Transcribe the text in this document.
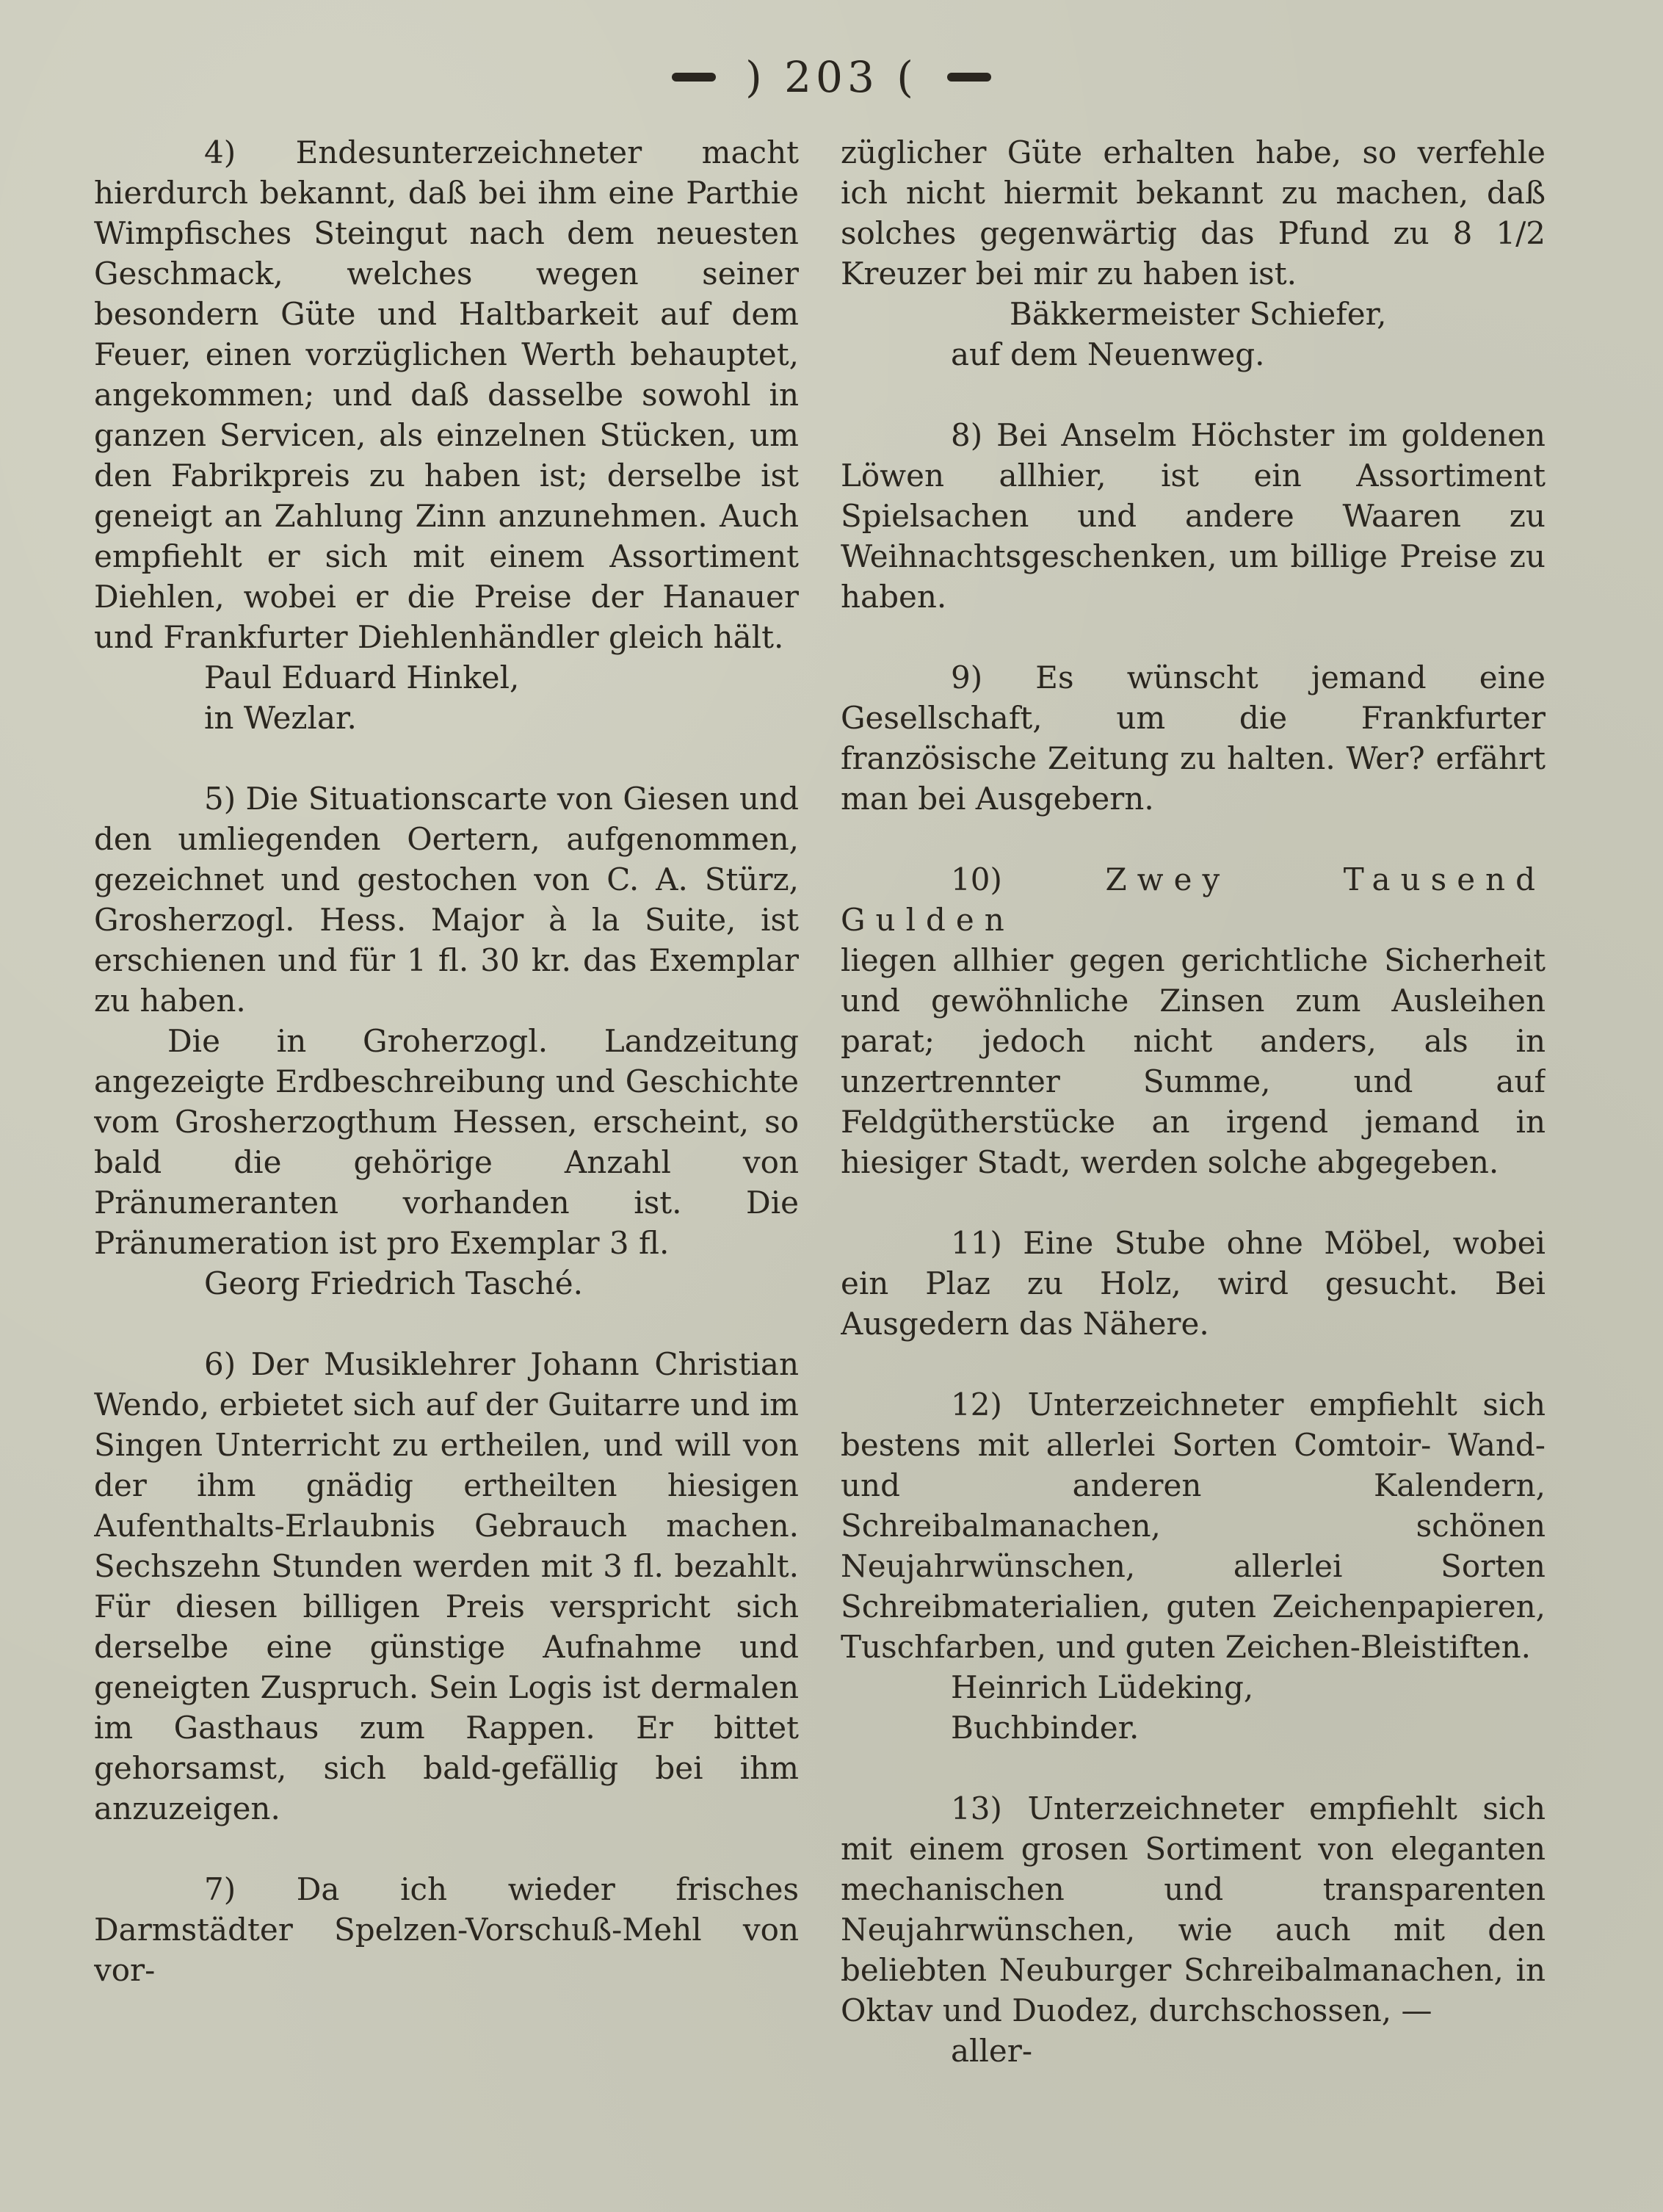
) 203 (

4) Endesunterzeichneter macht hierdurch bekannt, daß bei ihm eine Parthie Wimpfisches Steingut nach dem neuesten Geschmack, welches wegen seiner besondern Güte und Haltbarkeit auf dem Feuer, einen vorzüglichen Werth behauptet, angekommen; und daß dasselbe sowohl in ganzen Servicen, als einzelnen Stücken, um den Fabrikpreis zu haben ist; derselbe ist geneigt an Zahlung Zinn anzunehmen. Auch empfiehlt er sich mit einem Assortiment Diehlen, wobei er die Preise der Hanauer und Frankfurter Diehlenhändler gleich hält.

Paul Eduard Hinkel,

in Wezlar.

5) Die Situationscarte von Giesen und den umliegenden Oertern, aufgenommen, gezeichnet und gestochen von C. A. Stürz, Grosherzogl. Hess. Major à la Suite, ist erschienen und für 1 fl. 30 kr. das Exemplar zu haben.

Die in Groherzogl. Landzeitung angezeigte Erdbeschreibung und Geschichte vom Grosherzogthum Hessen, erscheint, so bald die gehörige Anzahl von Pränumeranten vorhanden ist. Die Pränumeration ist pro Exemplar 3 fl.

Georg Friedrich Tasché.

6) Der Musiklehrer Johann Christian Wendo, erbietet sich auf der Guitarre und im Singen Unterricht zu ertheilen, und will von der ihm gnädig ertheilten hiesigen Aufenthalts-Erlaubnis Gebrauch machen. Sechszehn Stunden werden mit 3 fl. bezahlt. Für diesen billigen Preis verspricht sich derselbe eine günstige Aufnahme und geneigten Zuspruch. Sein Logis ist dermalen im Gasthaus zum Rappen. Er bittet gehorsamst, sich bald-gefällig bei ihm anzuzeigen.

7) Da ich wieder frisches Darmstädter Spelzen-Vorschuß-Mehl von vor-

züglicher Güte erhalten habe, so verfehle ich nicht hiermit bekannt zu machen, daß solches gegenwärtig das Pfund zu 8 1/2 Kreuzer bei mir zu haben ist.

Bäkkermeister Schiefer,

auf dem Neuenweg.

8) Bei Anselm Höchster im goldenen Löwen allhier, ist ein Assortiment Spielsachen und andere Waaren zu Weihnachtsgeschenken, um billige Preise zu haben.

9) Es wünscht jemand eine Gesellschaft, um die Frankfurter französische Zeitung zu halten. Wer? erfährt man bei Ausgebern.

10)	Zwey Tausend Gulden

liegen allhier gegen gerichtliche Sicherheit und gewöhnliche Zinsen zum Ausleihen parat; jedoch nicht anders, als in unzertrennter Summe, und auf Feldgütherstücke an irgend jemand in hiesiger Stadt, werden solche abgegeben.

11) Eine Stube ohne Möbel, wobei ein Plaz zu Holz, wird gesucht. Bei Ausgedern das Nähere.

12) Unterzeichneter empfiehlt sich bestens mit allerlei Sorten Comtoir- Wand- und anderen Kalendern, Schreibalmanachen, schönen Neujahrwünschen, allerlei Sorten Schreibmaterialien, guten Zeichenpapieren, Tuschfarben, und guten Zeichen-Bleistiften.

Heinrich Lüdeking,

Buchbinder.

13) Unterzeichneter empfiehlt sich mit einem grosen Sortiment von eleganten mechanischen und transparenten Neujahrwünschen, wie auch mit den beliebten Neuburger Schreibalmanachen, in Oktav und Duodez, durchschossen, —

aller-
